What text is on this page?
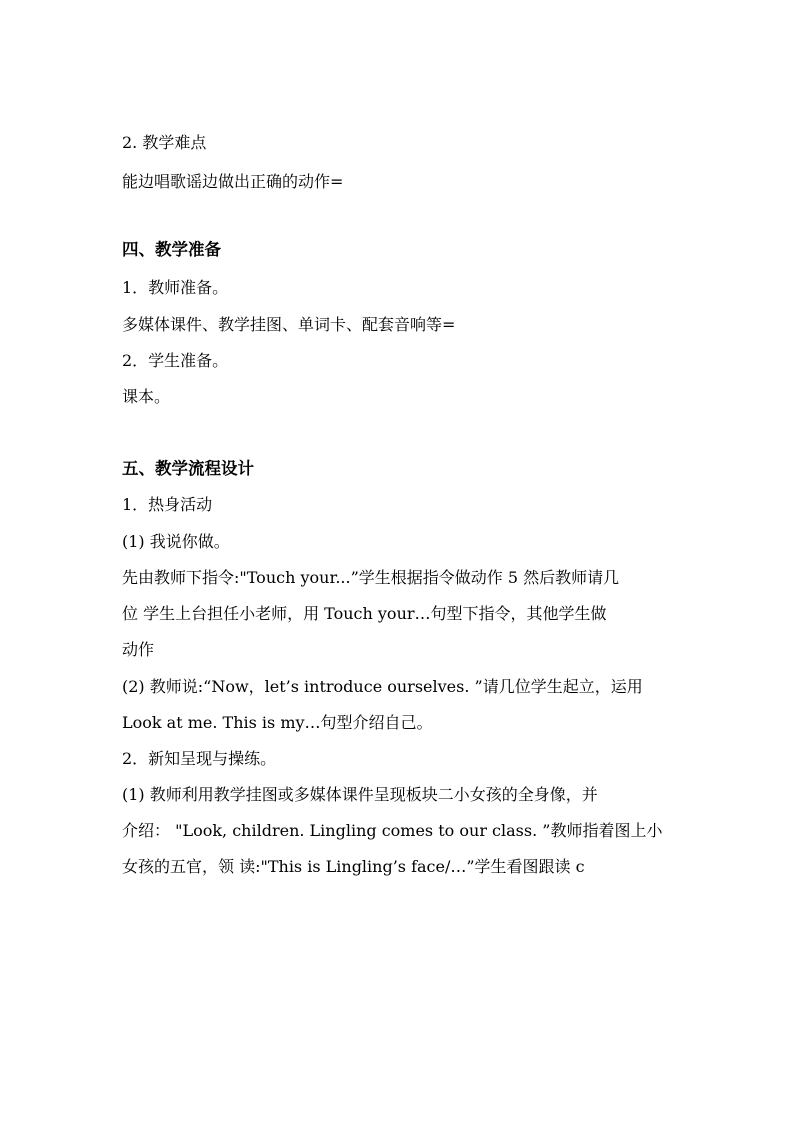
2. 教学难点
能边唱歌谣边做出正确的动作=
四、教学准备
1．教师准备。
多媒体课件、教学挂图、单词卡、配套音响等=
2．学生准备。
课本。
五、教学流程设计
1．热身活动
(1) 我说你做。
先由教师下指令:"Touch your...”学生根据指令做动作 5 然后教师请几
位 学生上台担任小老师，用 Touch your…句型下指令，其他学生做
动作
(2) 教师说:“Now，let’s introduce ourselves. ”请几位学生起立，运用
Look at me. This is my…句型介绍自己。
2．新知呈现与操练。
(1) 教师利用教学挂图或多媒体课件呈现板块二小女孩的全身像，并
介绍： "Look, children. Lingling comes to our class. ”教师指着图上小
女孩的五官，领 读:"This is Lingling’s face/…”学生看图跟读 c
